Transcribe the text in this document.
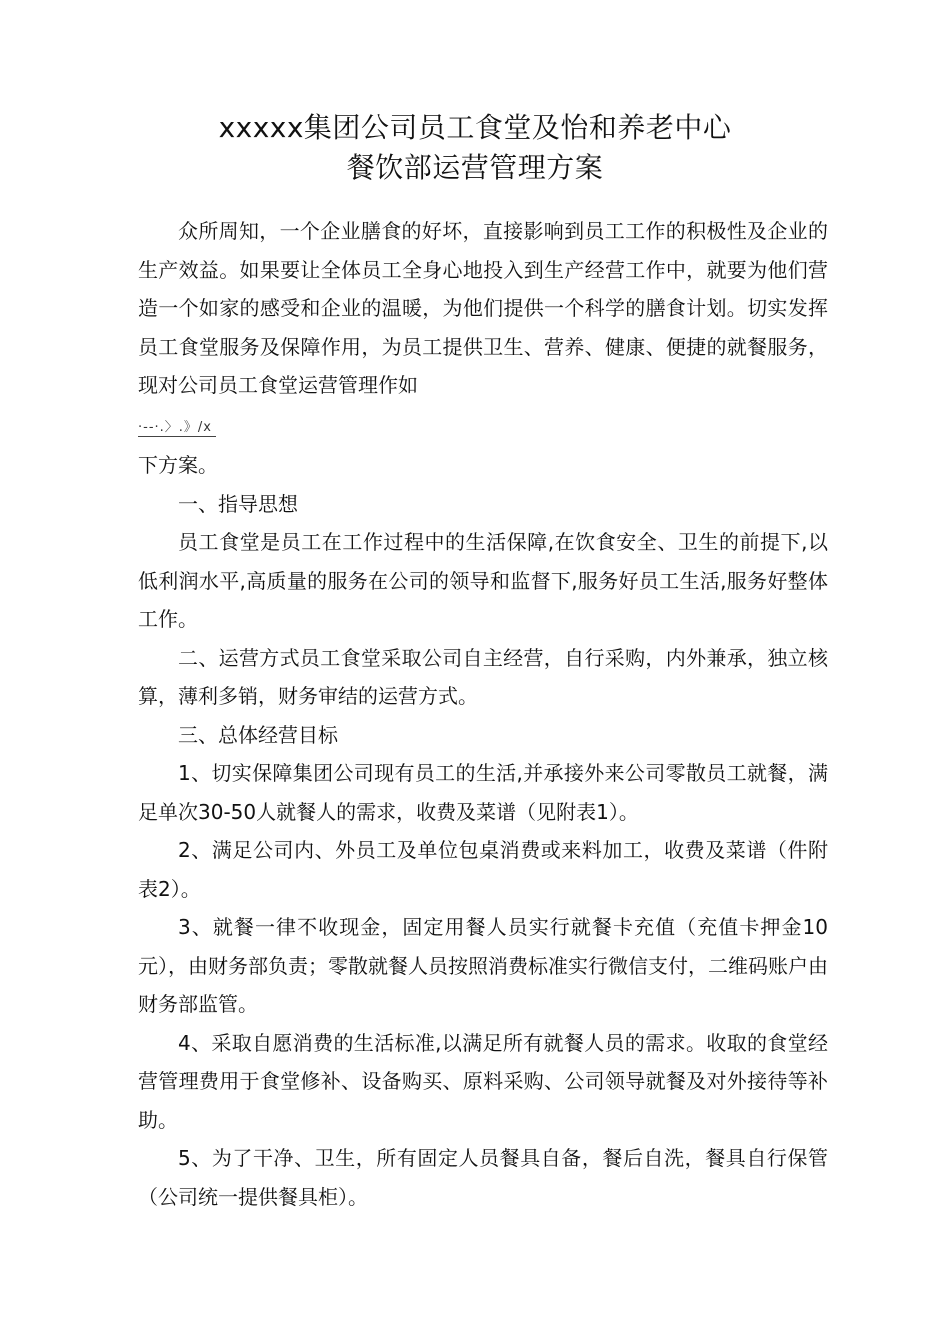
xxxxx集团公司员工食堂及怡和养老中心
餐饮部运营管理方案

众所周知，一个企业膳食的好坏，直接影响到员工工作的积极性及企业的生产效益。如果要让全体员工全身心地投入到生产经营工作中，就要为他们营造一个如家的感受和企业的温暖，为他们提供一个科学的膳食计划。切实发挥员工食堂服务及保障作用，为员工提供卫生、营养、健康、便捷的就餐服务，现对公司员工食堂运营管理作如

·--·.〉.》/x

下方案。

一、指导思想

员工食堂是员工在工作过程中的生活保障,在饮食安全、卫生的前提下,以低利润水平,高质量的服务在公司的领导和监督下,服务好员工生活,服务好整体工作。

二、运营方式员工食堂采取公司自主经营，自行采购，内外兼承，独立核算，薄利多销，财务审结的运营方式。

三、总体经营目标

1、切实保障集团公司现有员工的生活,并承接外来公司零散员工就餐，满足单次30-50人就餐人的需求，收费及菜谱（见附表1）。

2、满足公司内、外员工及单位包桌消费或来料加工，收费及菜谱（件附表2）。

3、就餐一律不收现金，固定用餐人员实行就餐卡充值（充值卡押金10元），由财务部负责；零散就餐人员按照消费标准实行微信支付，二维码账户由财务部监管。

4、采取自愿消费的生活标准,以满足所有就餐人员的需求。收取的食堂经营管理费用于食堂修补、设备购买、原料采购、公司领导就餐及对外接待等补助。

5、为了干净、卫生，所有固定人员餐具自备，餐后自洗，餐具自行保管（公司统一提供餐具柜）。
